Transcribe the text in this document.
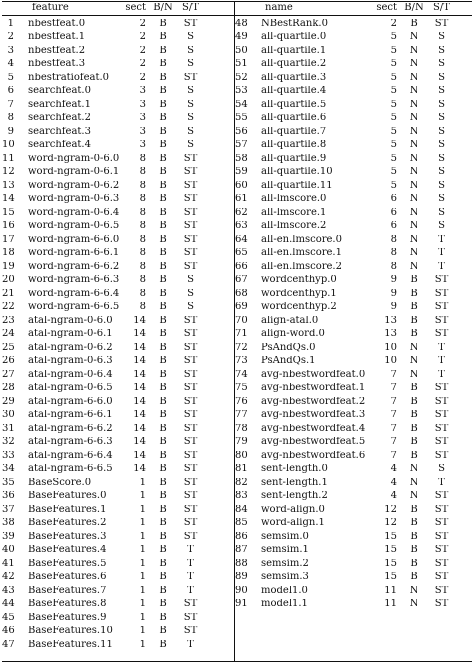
feature	sect B/N S/T
1	nbestfeat.0	2	B	ST
2	nbestfeat.1	2	B	S
3	nbestfeat.2	2	B	S
4	nbestfeat.3	2	B	S
5	nbestratiofeat.0	2	B	ST
6	searchfeat.0	3	B	S
7	searchfeat.1	3	B	S
8	searchfeat.2	3	B	S
9	searchfeat.3	3	B	S
10	searchfeat.4	3	B	S
11	word-ngram-0-6.0	8	B	ST
12	word-ngram-0-6.1	8	B	ST
13	word-ngram-0-6.2	8	B	ST
14	word-ngram-0-6.3	8	B	ST
15	word-ngram-0-6.4	8	B	ST
16	word-ngram-0-6.5	8	B	ST
17	word-ngram-6-6.0	8	B	ST
18	word-ngram-6-6.1	8	B	ST
19	word-ngram-6-6.2	8	B	ST
20	word-ngram-6-6.3	8	B	S
21	word-ngram-6-6.4	8	B	S
22	word-ngram-6-6.5	8	B	S
23	atal-ngram-0-6.0	14	B	ST
24	atal-ngram-0-6.1	14	B	ST
25	atal-ngram-0-6.2	14	B	ST
26	atal-ngram-0-6.3	14	B	ST
27	atal-ngram-0-6.4	14	B	ST
28	atal-ngram-0-6.5	14	B	ST
29	atal-ngram-6-6.0	14	B	ST
30	atal-ngram-6-6.1	14	B	ST
31	atal-ngram-6-6.2	14	B	ST
32	atal-ngram-6-6.3	14	B	ST
33	atal-ngram-6-6.4	14	B	ST
34	atal-ngram-6-6.5	14	B	ST
35	BaseScore.0	1	B	ST
36	BaseFeatures.0	1	B	ST
37	BaseFeatures.1	1	B	ST
38	BaseFeatures.2	1	B	ST
39	BaseFeatures.3	1	B	ST
40	BaseFeatures.4	1	B	T
41	BaseFeatures.5	1	B	T
42	BaseFeatures.6	1	B	T
43	BaseFeatures.7	1	B	T
44	BaseFeatures.8	1	B	ST
45	BaseFeatures.9	1	B	ST
46	BaseFeatures.10	1	B	ST
47	BaseFeatures.11	1	B	T
name	sect B/N S/T
48	NBestRank.0	2	B	ST
49	all-quartile.0	5	N	S
50	all-quartile.1	5	N	S
51	all-quartile.2	5	N	S
52	all-quartile.3	5	N	S
53	all-quartile.4	5	N	S
54	all-quartile.5	5	N	S
55	all-quartile.6	5	N	S
56	all-quartile.7	5	N	S
57	all-quartile.8	5	N	S
58	all-quartile.9	5	N	S
59	all-quartile.10	5	N	S
60	all-quartile.11	5	N	S
61	all-lmscore.0	6	N	S
62	all-lmscore.1	6	N	S
63	all-lmscore.2	6	N	S
64	all-en.lmscore.0	8	N	T
65	all-en.lmscore.1	8	N	T
66	all-en.lmscore.2	8	N	T
67	wordcenthyp.0	9	B	ST
68	wordcenthyp.1	9	B	ST
69	wordcenthyp.2	9	B	ST
70	align-atal.0	13	B	ST
71	align-word.0	13	B	ST
72	PsAndQs.0	10	N	T
73	PsAndQs.1	10	N	T
74	avg-nbestwordfeat.0	7	N	T
75	avg-nbestwordfeat.1	7	B	ST
76	avg-nbestwordfeat.2	7	B	ST
77	avg-nbestwordfeat.3	7	B	ST
78	avg-nbestwordfeat.4	7	B	ST
79	avg-nbestwordfeat.5	7	B	ST
80	avg-nbestwordfeat.6	7	B	ST
81	sent-length.0	4	N	S
82	sent-length.1	4	N	T
83	sent-length.2	4	N	ST
84	word-align.0	12	B	ST
85	word-align.1	12	B	ST
86	semsim.0	15	B	ST
87	semsim.1	15	B	ST
88	semsim.2	15	B	ST
89	semsim.3	15	B	ST
90	model1.0	11	N	ST
91	model1.1	11	N	ST
